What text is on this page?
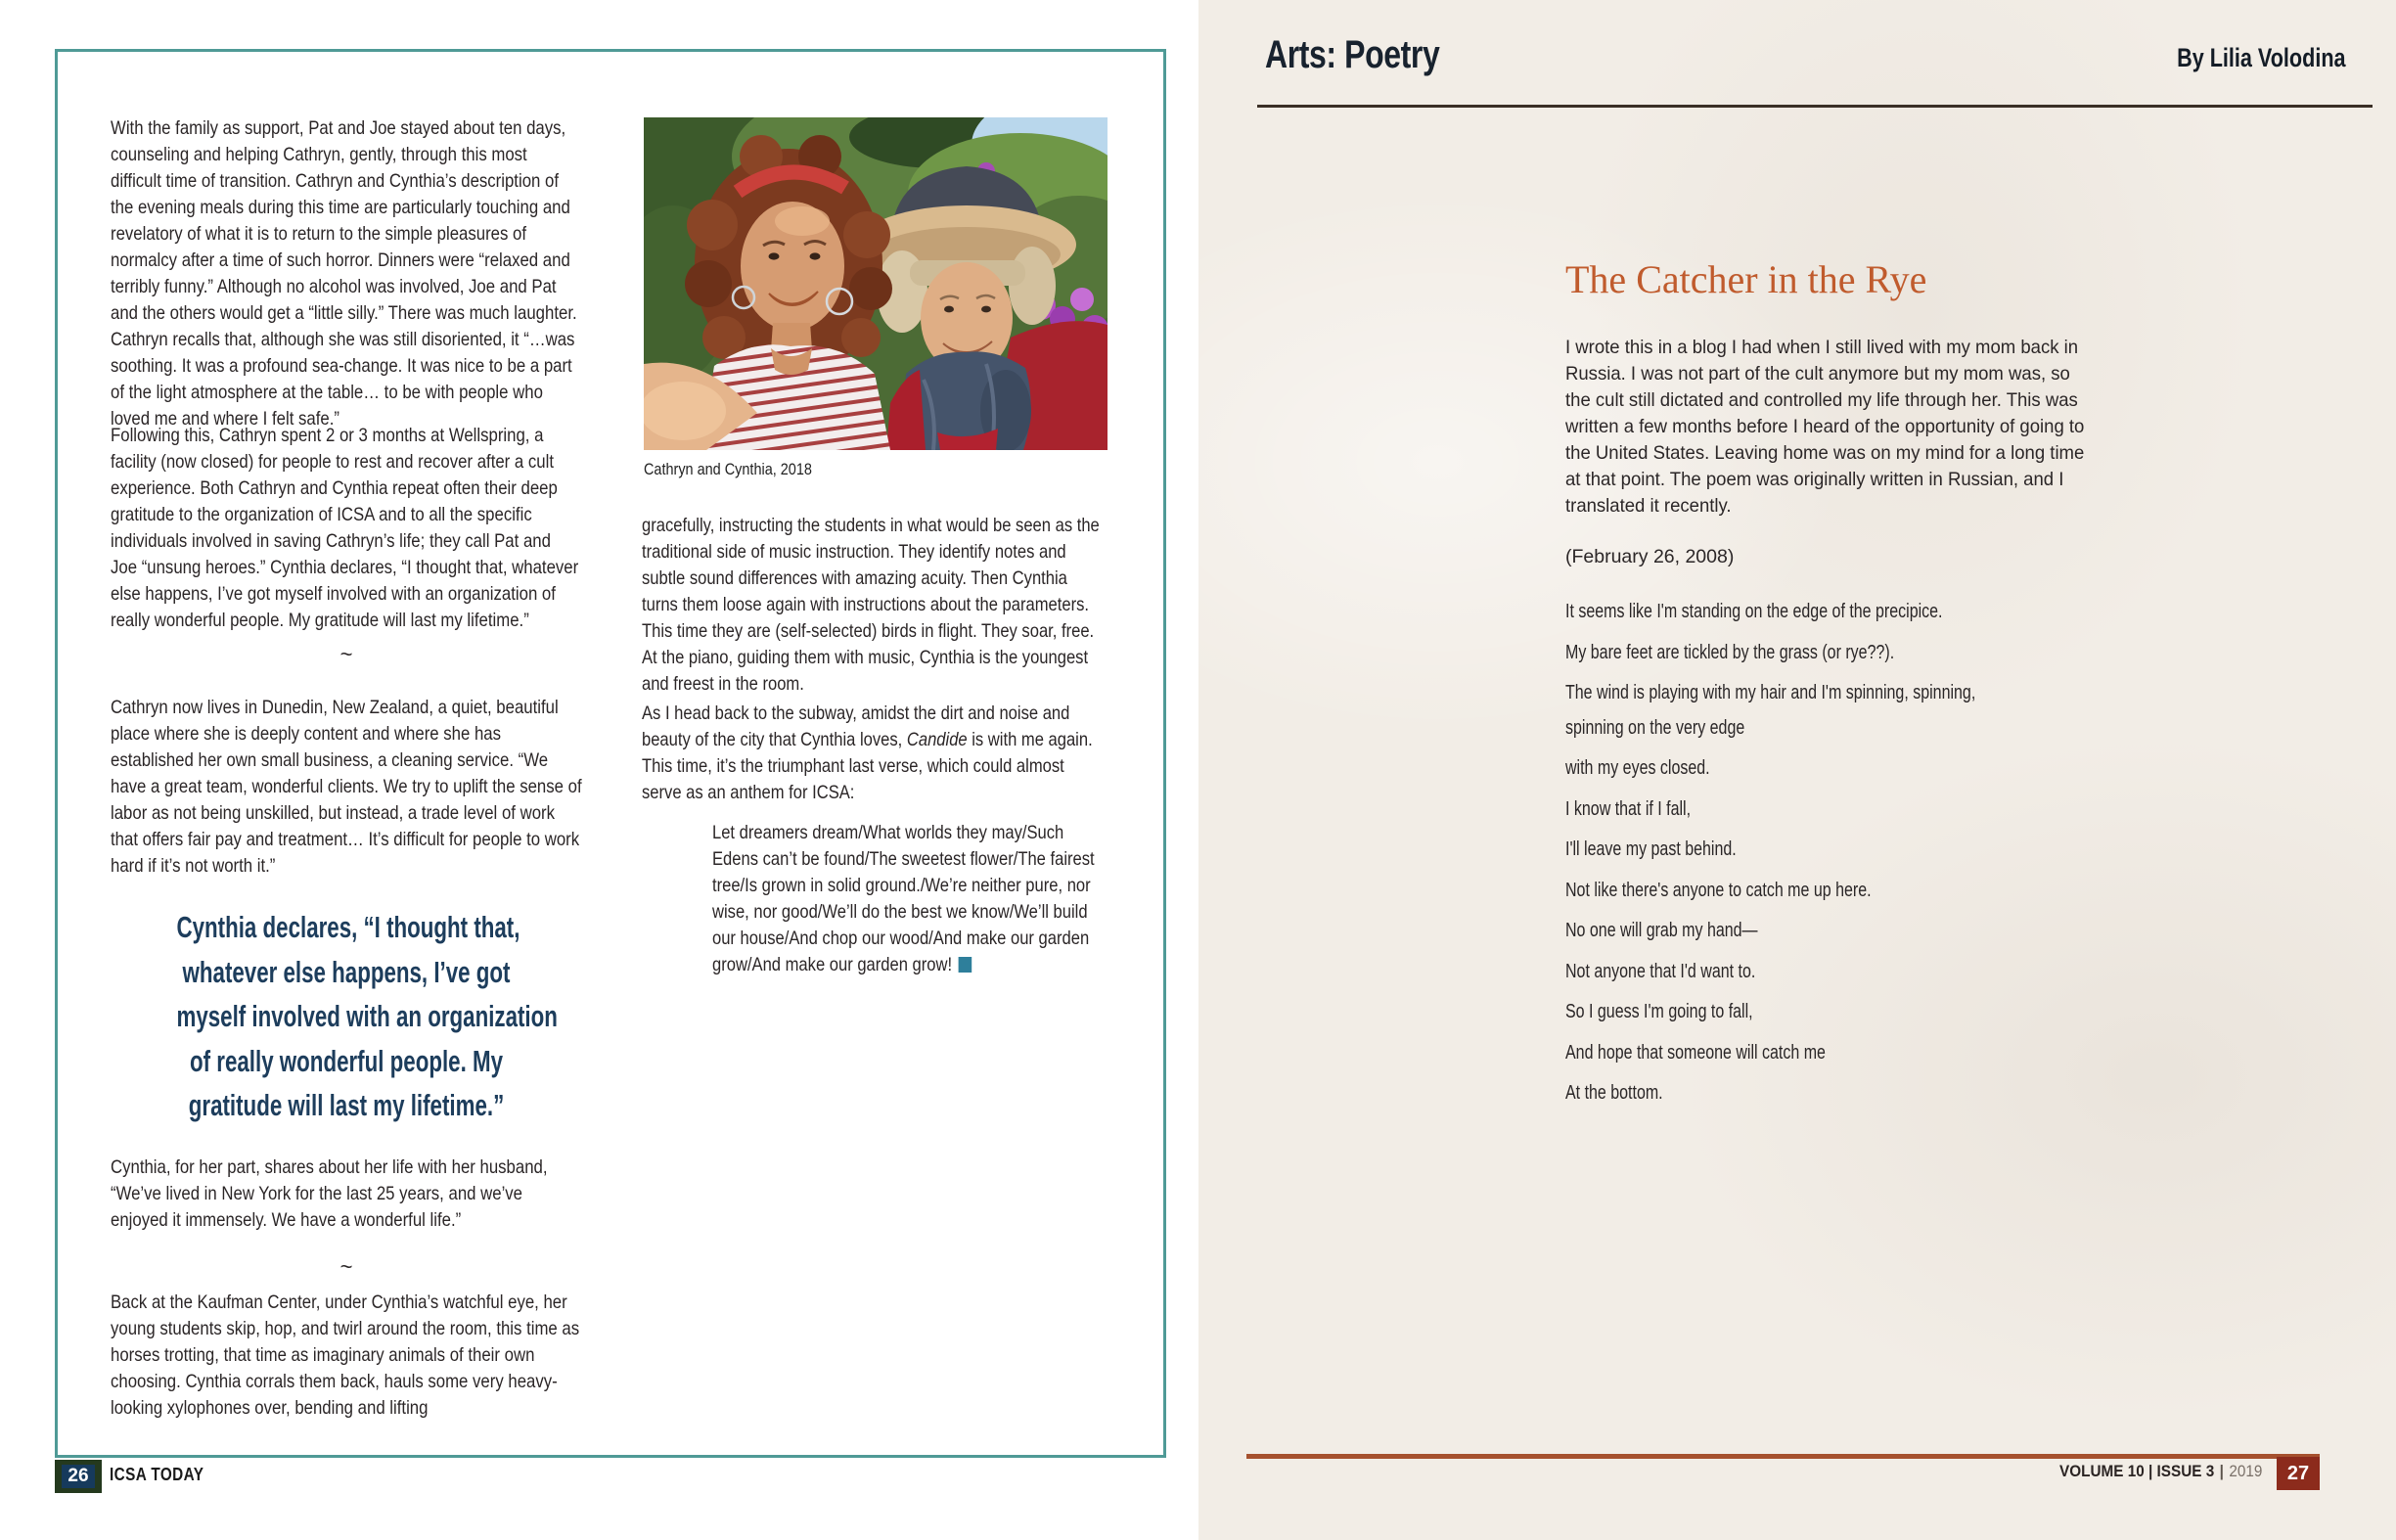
With the family as support, Pat and Joe stayed about ten days, counseling and helping Cathryn, gently, through this most difficult time of transition. Cathryn and Cynthia’s description of the evening meals during this time are particularly touching and revelatory of what it is to return to the simple pleasures of normalcy after a time of such horror. Dinners were “relaxed and terribly funny.” Although no alcohol was involved, Joe and Pat and the others would get a “little silly.” There was much laughter. Cathryn recalls that, although she was still disoriented, it “…was soothing. It was a profound sea-change. It was nice to be a part of the light atmosphere at the table… to be with people who loved me and where I felt safe.”

Following this, Cathryn spent 2 or 3 months at Wellspring, a facility (now closed) for people to rest and recover after a cult experience. Both Cathryn and Cynthia repeat often their deep gratitude to the organization of ICSA and to all the specific individuals involved in saving Cathryn’s life; they call Pat and Joe “unsung heroes.” Cynthia declares, “I thought that, whatever else happens, I’ve got myself involved with an organization of really wonderful people. My gratitude will last my lifetime.”

~

Cathryn now lives in Dunedin, New Zealand, a quiet, beautiful place where she is deeply content and where she has established her own small business, a cleaning service. “We have a great team, wonderful clients. We try to uplift the sense of labor as not being unskilled, but instead, a trade level of work that offers fair pay and treatment… It’s difficult for people to work hard if it’s not worth it.”

Cynthia declares, “I thought that,
whatever else happens, I’ve got
myself involved with an organization
of really wonderful people. My
gratitude will last my lifetime.”

Cynthia, for her part, shares about her life with her husband, “We’ve lived in New York for the last 25 years, and we’ve enjoyed it immensely. We have a wonderful life.”

~

Back at the Kaufman Center, under Cynthia’s watchful eye, her young students skip, hop, and twirl around the room, this time as horses trotting, that time as imaginary animals of their own choosing. Cynthia corrals them back, hauls some very heavy-looking xylophones over, bending and lifting

Cathryn and Cynthia, 2018

gracefully, instructing the students in what would be seen as the traditional side of music instruction. They identify notes and subtle sound differences with amazing acuity. Then Cynthia turns them loose again with instructions about the parameters. This time they are (self-selected) birds in flight. They soar, free. At the piano, guiding them with music, Cynthia is the youngest and freest in the room.

As I head back to the subway, amidst the dirt and noise and beauty of the city that Cynthia loves, Candide is with me again. This time, it’s the triumphant last verse, which could almost serve as an anthem for ICSA:

Let dreamers dream/What worlds they may/Such Edens can’t be found/The sweetest flower/The fairest tree/Is grown in solid ground./We’re neither pure, nor wise, nor good/We’ll do the best we know/We’ll build our house/And chop our wood/And make our garden grow/And make our garden grow!

26	ICSA TODAY
Arts: Poetry	By Lilia Volodina
The Catcher in the Rye

I wrote this in a blog I had when I still lived with my mom back in Russia. I was not part of the cult anymore but my mom was, so the cult still dictated and controlled my life through her. This was written a few months before I heard of the opportunity of going to the United States. Leaving home was on my mind for a long time at that point. The poem was originally written in Russian, and I translated it recently.

(February 26, 2008)

It seems like I'm standing on the edge of the precipice.

My bare feet are tickled by the grass (or rye??).

The wind is playing with my hair and I'm spinning, spinning,

spinning on the very edge

with my eyes closed.

I know that if I fall,

I'll leave my past behind.

Not like there's anyone to catch me up here.

No one will grab my hand—

Not anyone that I'd want to.

So I guess I'm going to fall,

And hope that someone will catch me

At the bottom.

VOLUME 10 | ISSUE 3 | 2019	27
